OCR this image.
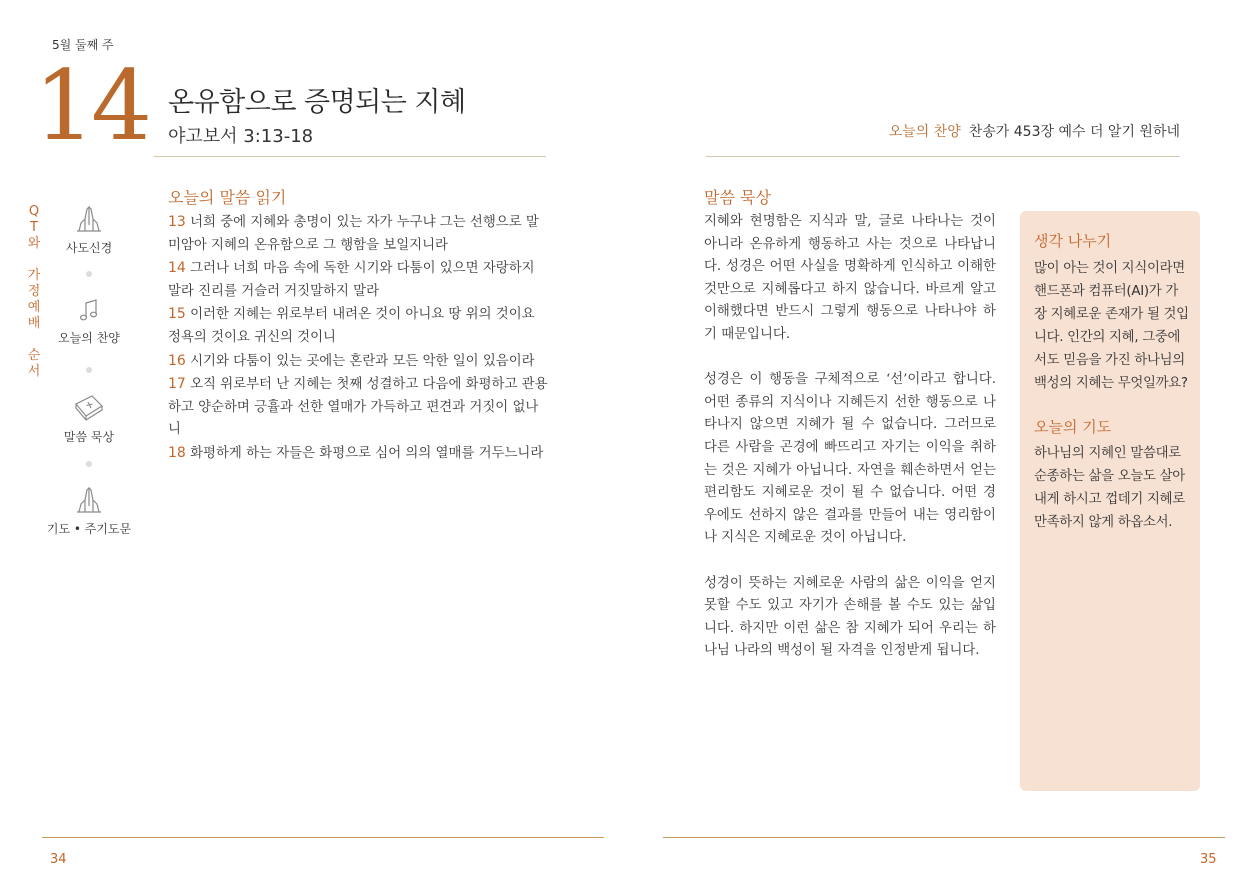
5월 둘째 주
14 온유함으로 증명되는 지혜
야고보서 3:13-18	오늘의 찬양 찬송가 453장 예수 더 알기 원하네
Q
T
와
가
정
예
배
순
서
사도신경
오늘의 찬양
말씀 묵상
기도 • 주기도문
오늘의 말씀 읽기
13 너희 중에 지혜와 총명이 있는 자가 누구냐 그는 선행으로 말미암아 지혜의 온유함으로 그 행함을 보일지니라
14 그러나 너희 마음 속에 독한 시기와 다툼이 있으면 자랑하지 말라 진리를 거슬러 거짓말하지 말라
15 이러한 지혜는 위로부터 내려온 것이 아니요 땅 위의 것이요 정욕의 것이요 귀신의 것이니
16 시기와 다툼이 있는 곳에는 혼란과 모든 악한 일이 있음이라
17 오직 위로부터 난 지혜는 첫째 성결하고 다음에 화평하고 관용하고 양순하며 긍휼과 선한 열매가 가득하고 편견과 거짓이 없나니
18 화평하게 하는 자들은 화평으로 심어 의의 열매를 거두느니라
말씀 묵상

지혜와 현명함은 지식과 말, 글로 나타나는 것이 아니라 온유하게 행동하고 사는 것으로 나타납니다. 성경은 어떤 사실을 명확하게 인식하고 이해한 것만으로 지혜롭다고 하지 않습니다. 바르게 알고 이해했다면 반드시 그렇게 행동으로 나타나야 하기 때문입니다.

성경은 이 행동을 구체적으로 ‘선’이라고 합니다. 어떤 종류의 지식이나 지혜든지 선한 행동으로 나타나지 않으면 지혜가 될 수 없습니다. 그러므로 다른 사람을 곤경에 빠뜨리고 자기는 이익을 취하는 것은 지혜가 아닙니다. 자연을 훼손하면서 얻는 편리함도 지혜로운 것이 될 수 없습니다. 어떤 경우에도 선하지 않은 결과를 만들어 내는 영리함이나 지식은 지혜로운 것이 아닙니다.

성경이 뜻하는 지혜로운 사람의 삶은 이익을 얻지 못할 수도 있고 자기가 손해를 볼 수도 있는 삶입니다. 하지만 이런 삶은 참 지혜가 되어 우리는 하나님 나라의 백성이 될 자격을 인정받게 됩니다.

생각 나누기
많이 아는 것이 지식이라면 핸드폰과 컴퓨터(AI)가 가장 지혜로운 존재가 될 것입니다. 인간의 지혜, 그중에서도 믿음을 가진 하나님의 백성의 지혜는 무엇일까요?
오늘의 기도
하나님의 지혜인 말씀대로 순종하는 삶을 오늘도 살아내게 하시고 껍데기 지혜로 만족하지 않게 하옵소서.
34	35
